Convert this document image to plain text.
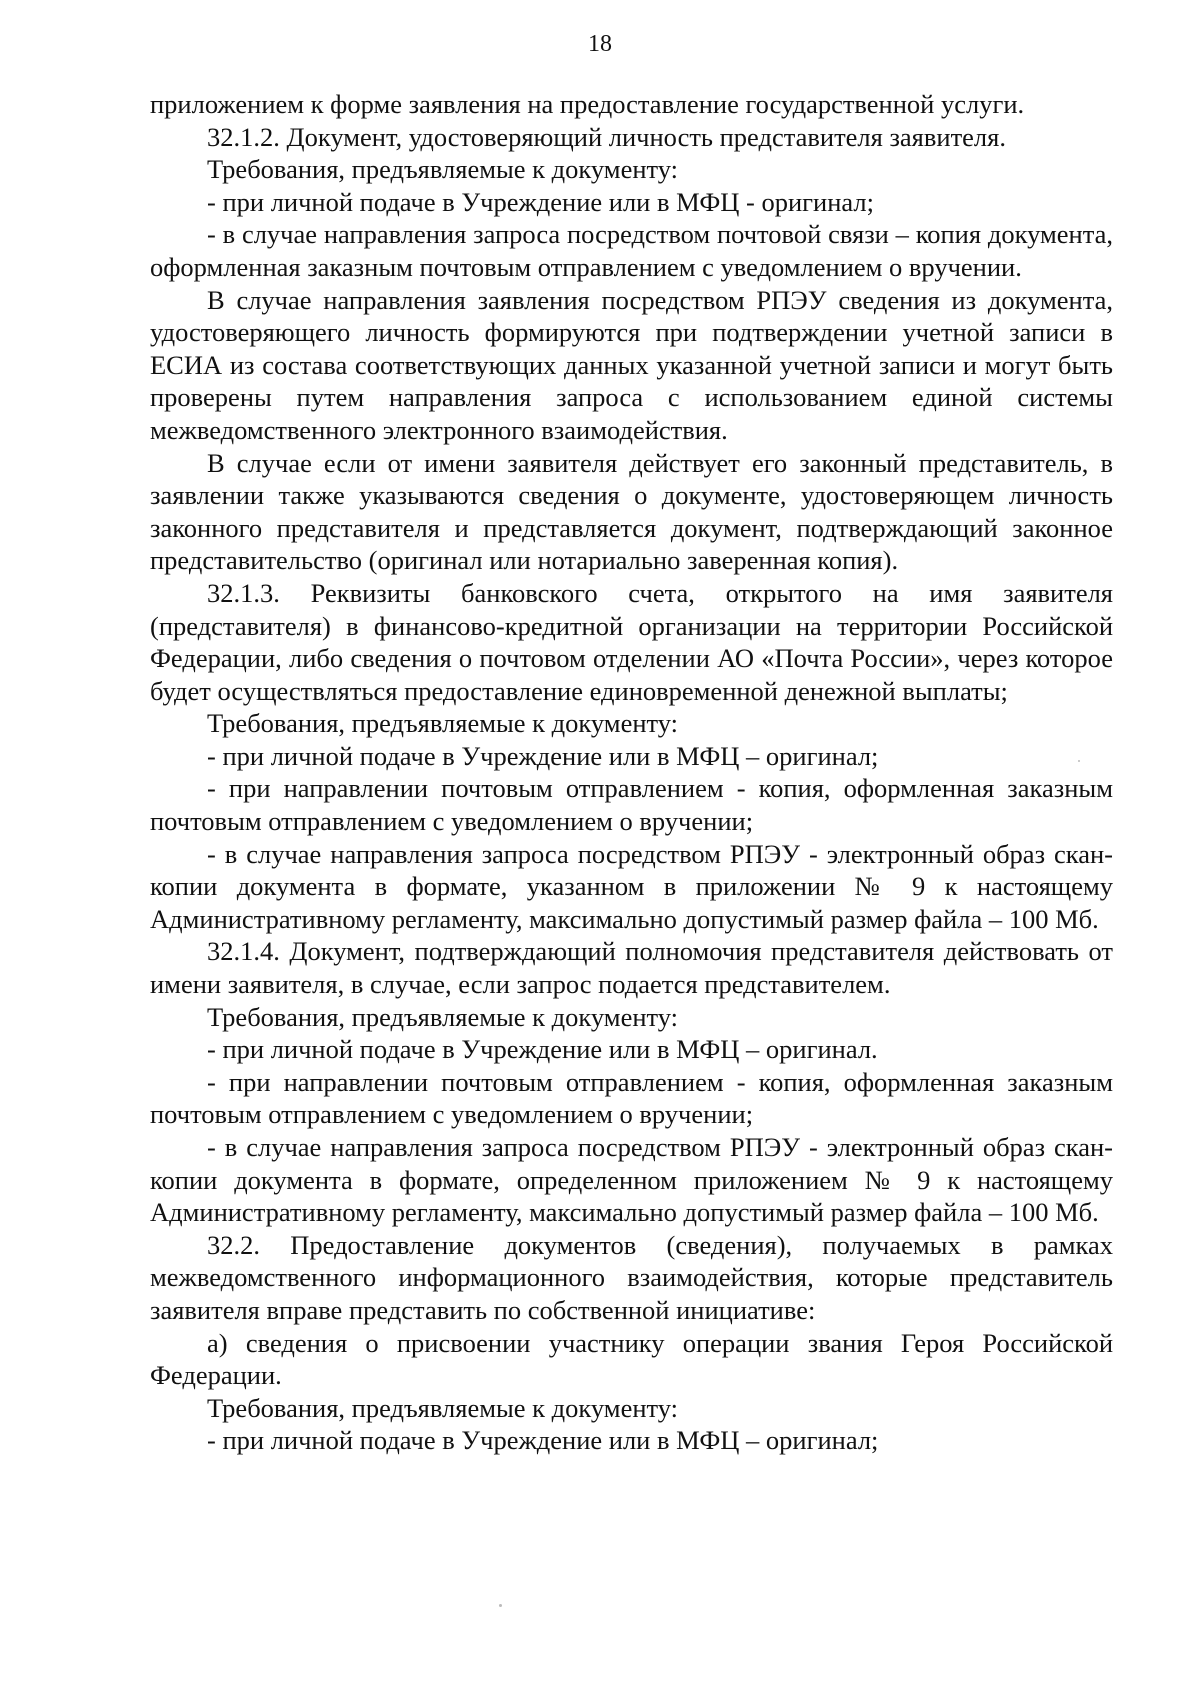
18

приложением к форме заявления на предоставление государственной услуги.

32.1.2. Документ, удостоверяющий личность представителя заявителя.

Требования, предъявляемые к документу:

- при личной подаче в Учреждение или в МФЦ - оригинал;

- в случае направления запроса посредством почтовой связи – копия документа, оформленная заказным почтовым отправлением с уведомлением о вручении.

В случае направления заявления посредством РПЭУ сведения из документа, удостоверяющего личность формируются при подтверждении учетной записи в ЕСИА из состава соответствующих данных указанной учетной записи и могут быть проверены путем направления запроса с использованием единой системы межведомственного электронного взаимодействия.

В случае если от имени заявителя действует его законный представитель, в заявлении также указываются сведения о документе, удостоверяющем личность законного представителя и представляется документ, подтверждающий законное представительство (оригинал или нотариально заверенная копия).

32.1.3. Реквизиты банковского счета, открытого на имя заявителя (представителя) в финансово-кредитной организации на территории Российской Федерации, либо сведения о почтовом отделении АО «Почта России», через которое будет осуществляться предоставление единовременной денежной выплаты;

Требования, предъявляемые к документу:

- при личной подаче в Учреждение или в МФЦ – оригинал;

- при направлении почтовым отправлением - копия, оформленная заказным почтовым отправлением с уведомлением о вручении;

- в случае направления запроса посредством РПЭУ - электронный образ скан-копии документа в формате, указанном в приложении № 9 к настоящему Административному регламенту, максимально допустимый размер файла – 100 Мб.

32.1.4. Документ, подтверждающий полномочия представителя действовать от имени заявителя, в случае, если запрос подается представителем.

Требования, предъявляемые к документу:

- при личной подаче в Учреждение или в МФЦ – оригинал.

- при направлении почтовым отправлением - копия, оформленная заказным почтовым отправлением с уведомлением о вручении;

- в случае направления запроса посредством РПЭУ - электронный образ скан-копии документа в формате, определенном приложением № 9 к настоящему Административному регламенту, максимально допустимый размер файла – 100 Мб.

32.2. Предоставление документов (сведения), получаемых в рамках межведомственного информационного взаимодействия, которые представитель заявителя вправе представить по собственной инициативе:

а) сведения о присвоении участнику операции звания Героя Российской Федерации.

Требования, предъявляемые к документу:

- при личной подаче в Учреждение или в МФЦ – оригинал;
